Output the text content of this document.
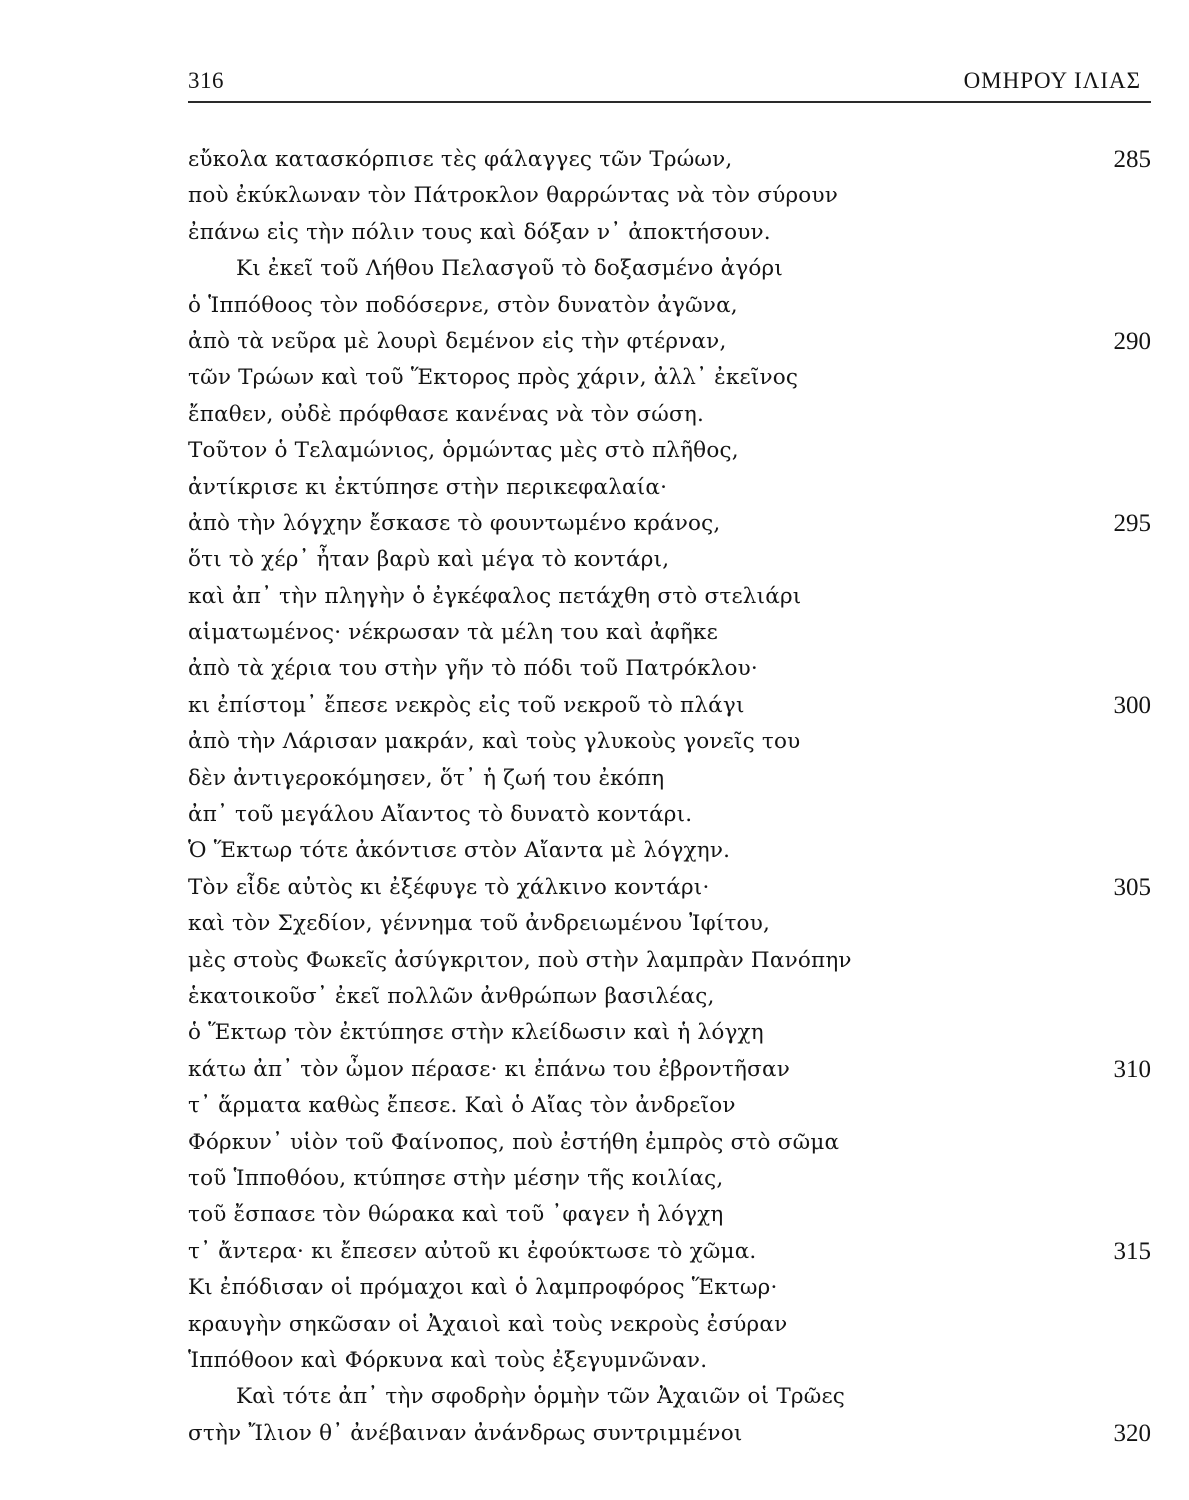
316	ΟΜΗΡΟΥ ΙΛΙΑΣ
εὔκολα κατασκόρπισε τὲς φάλαγγες τῶν Τρώων,	285
ποὺ ἐκύκλωναν τὸν Πάτροκλον θαρρώντας νὰ τὸν σύρουν
ἐπάνω εἰς τὴν πόλιν τους καὶ δόξαν ν᾽ ἀποκτήσουν.
Κι ἐκεῖ τοῦ Λήθου Πελασγοῦ τὸ δοξασμένο ἀγόρι
ὁ Ἱππόθοος τὸν ποδόσερνε, στὸν δυνατὸν ἀγῶνα,
ἀπὸ τὰ νεῦρα μὲ λουρὶ δεμένον εἰς τὴν φτέρναν,	290
τῶν Τρώων καὶ τοῦ Ἕκτορος πρὸς χάριν, ἀλλ᾽ ἐκεῖνος
ἔπαθεν, οὐδὲ πρόφθασε κανένας νὰ τὸν σώση.
Τοῦτον ὁ Τελαμώνιος, ὁρμώντας μὲς στὸ πλῆθος,
ἀντίκρισε κι ἐκτύπησε στὴν περικεφαλαία·
ἀπὸ τὴν λόγχην ἔσκασε τὸ φουντωμένο κράνος,	295
ὅτι τὸ χέρ᾽ ἦταν βαρὺ καὶ μέγα τὸ κοντάρι,
καὶ ἀπ᾽ τὴν πληγὴν ὁ ἐγκέφαλος πετάχθη στὸ στελιάρι
αἱματωμένος· νέκρωσαν τὰ μέλη του καὶ ἀφῆκε
ἀπὸ τὰ χέρια του στὴν γῆν τὸ πόδι τοῦ Πατρόκλου·
κι ἐπίστομ᾽ ἔπεσε νεκρὸς εἰς τοῦ νεκροῦ τὸ πλάγι	300
ἀπὸ τὴν Λάρισαν μακράν, καὶ τοὺς γλυκοὺς γονεῖς του
δὲν ἀντιγεροκόμησεν, ὅτ᾽ ἡ ζωή του ἐκόπη
ἀπ᾽ τοῦ μεγάλου Αἴαντος τὸ δυνατὸ κοντάρι.
Ὁ Ἕκτωρ τότε ἀκόντισε στὸν Αἴαντα μὲ λόγχην.
Τὸν εἶδε αὐτὸς κι ἐξέφυγε τὸ χάλκινο κοντάρι·	305
καὶ τὸν Σχεδίον, γέννημα τοῦ ἀνδρειωμένου Ἰφίτου,
μὲς στοὺς Φωκεῖς ἀσύγκριτον, ποὺ στὴν λαμπρὰν Πανόπην
ἑκατοικοῦσ᾽ ἐκεῖ πολλῶν ἀνθρώπων βασιλέας,
ὁ Ἕκτωρ τὸν ἐκτύπησε στὴν κλείδωσιν καὶ ἡ λόγχη
κάτω ἀπ᾽ τὸν ὦμον πέρασε· κι ἐπάνω του ἐβροντῆσαν	310
τ᾽ ἅρματα καθὼς ἔπεσε. Καὶ ὁ Αἴας τὸν ἀνδρεῖον
Φόρκυν᾽ υἱὸν τοῦ Φαίνοπος, ποὺ ἐστήθη ἐμπρὸς στὸ σῶμα
τοῦ Ἱπποθόου, κτύπησε στὴν μέσην τῆς κοιλίας,
τοῦ ἔσπασε τὸν θώρακα καὶ τοῦ ᾽φαγεν ἡ λόγχη
τ᾽ ἄντερα· κι ἔπεσεν αὐτοῦ κι ἐφούκτωσε τὸ χῶμα.	315
Κι ἐπόδισαν οἱ πρόμαχοι καὶ ὁ λαμπροφόρος Ἕκτωρ·
κραυγὴν σηκῶσαν οἱ Ἀχαιοὶ καὶ τοὺς νεκροὺς ἐσύραν
Ἱππόθοον καὶ Φόρκυνα καὶ τοὺς ἐξεγυμνῶναν.
Καὶ τότε ἀπ᾽ τὴν σφοδρὴν ὁρμὴν τῶν Ἀχαιῶν οἱ Τρῶες
στὴν Ἴλιον θ᾽ ἀνέβαιναν ἀνάνδρως συντριμμένοι	320
